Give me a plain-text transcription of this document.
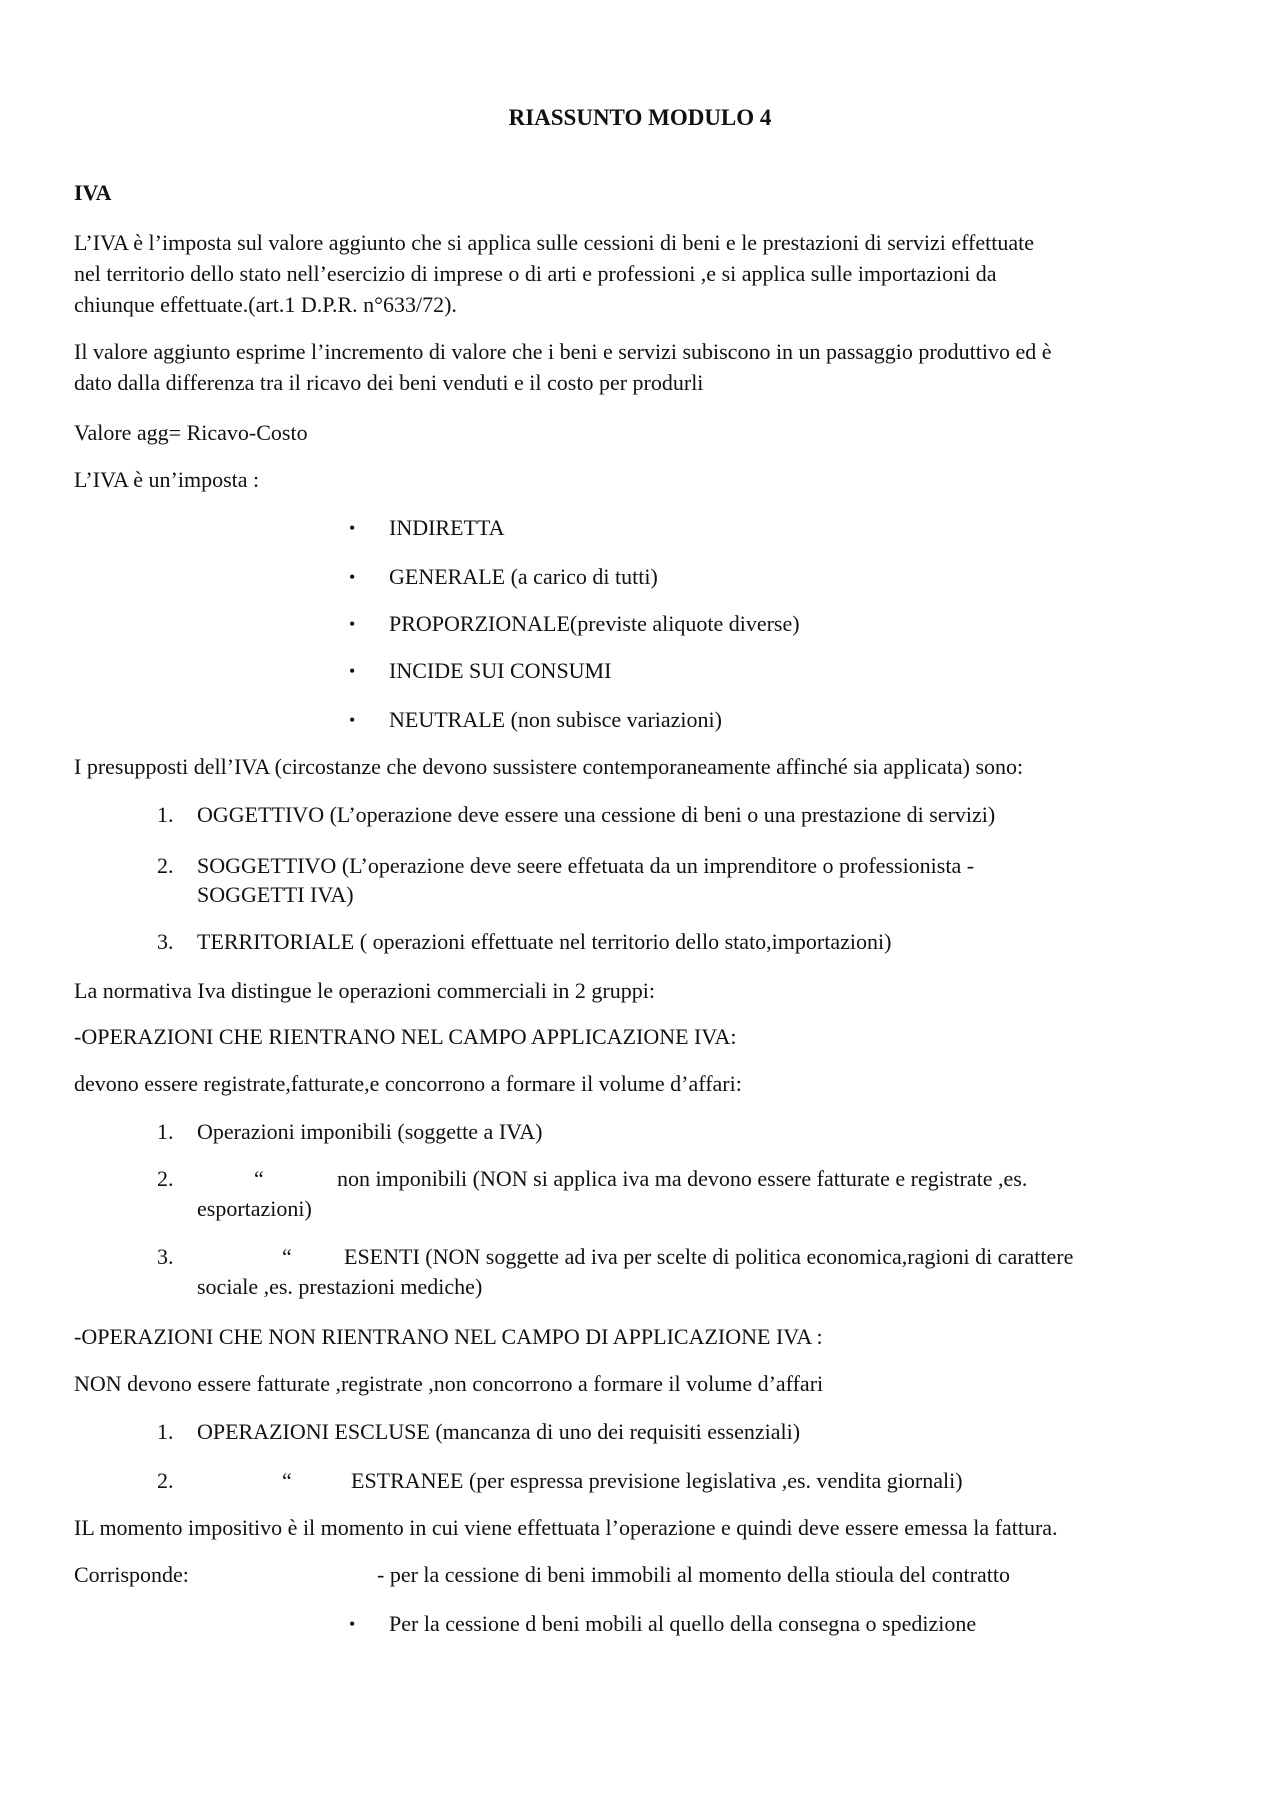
RIASSUNTO MODULO 4
IVA
L’IVA è l’imposta sul valore aggiunto che si applica sulle cessioni di beni e le prestazioni di servizi effettuate
nel territorio dello stato nell’esercizio di imprese o di arti e professioni ,e si applica sulle importazioni da
chiunque effettuate.(art.1 D.P.R. n°633/72).
Il valore aggiunto esprime l’incremento di valore che i beni e servizi subiscono in un passaggio produttivo ed è
dato dalla differenza tra il ricavo dei beni venduti e il costo per produrli
Valore agg= Ricavo-Costo
L’IVA è un’imposta :
• INDIRETTA
• GENERALE (a carico di tutti)
• PROPORZIONALE(previste aliquote diverse)
• INCIDE SUI CONSUMI
• NEUTRALE (non subisce variazioni)
I presupposti dell’IVA (circostanze che devono sussistere contemporaneamente affinché sia applicata) sono:
1. OGGETTIVO (L’operazione deve essere una cessione di beni o una prestazione di servizi)
2. SOGGETTIVO (L’operazione deve seere effetuata da un imprenditore o professionista -
SOGGETTI IVA)
3. TERRITORIALE ( operazioni effettuate nel territorio dello stato,importazioni)
La normativa Iva distingue le operazioni commerciali in 2 gruppi:
-OPERAZIONI CHE RIENTRANO NEL CAMPO APPLICAZIONE IVA:
devono essere registrate,fatturate,e concorrono a formare il volume d’affari:
1. Operazioni imponibili (soggette a IVA)
2.	“	non imponibili (NON si applica iva ma devono essere fatturate e registrate ,es.
esportazioni)
3.	“ ESENTI (NON soggette ad iva per scelte di politica economica,ragioni di carattere
sociale ,es. prestazioni mediche)
-OPERAZIONI CHE NON RIENTRANO NEL CAMPO DI APPLICAZIONE IVA :
NON devono essere fatturate ,registrate ,non concorrono a formare il volume d’affari
1. OPERAZIONI ESCLUSE (mancanza di uno dei requisiti essenziali)
2.	“	ESTRANEE (per espressa previsione legislativa ,es. vendita giornali)
IL momento impositivo è il momento in cui viene effettuata l’operazione e quindi deve essere emessa la fattura.
Corrisponde:	- per la cessione di beni immobili al momento della stioula del contratto
• Per la cessione d beni mobili al quello della consegna o spedizione
